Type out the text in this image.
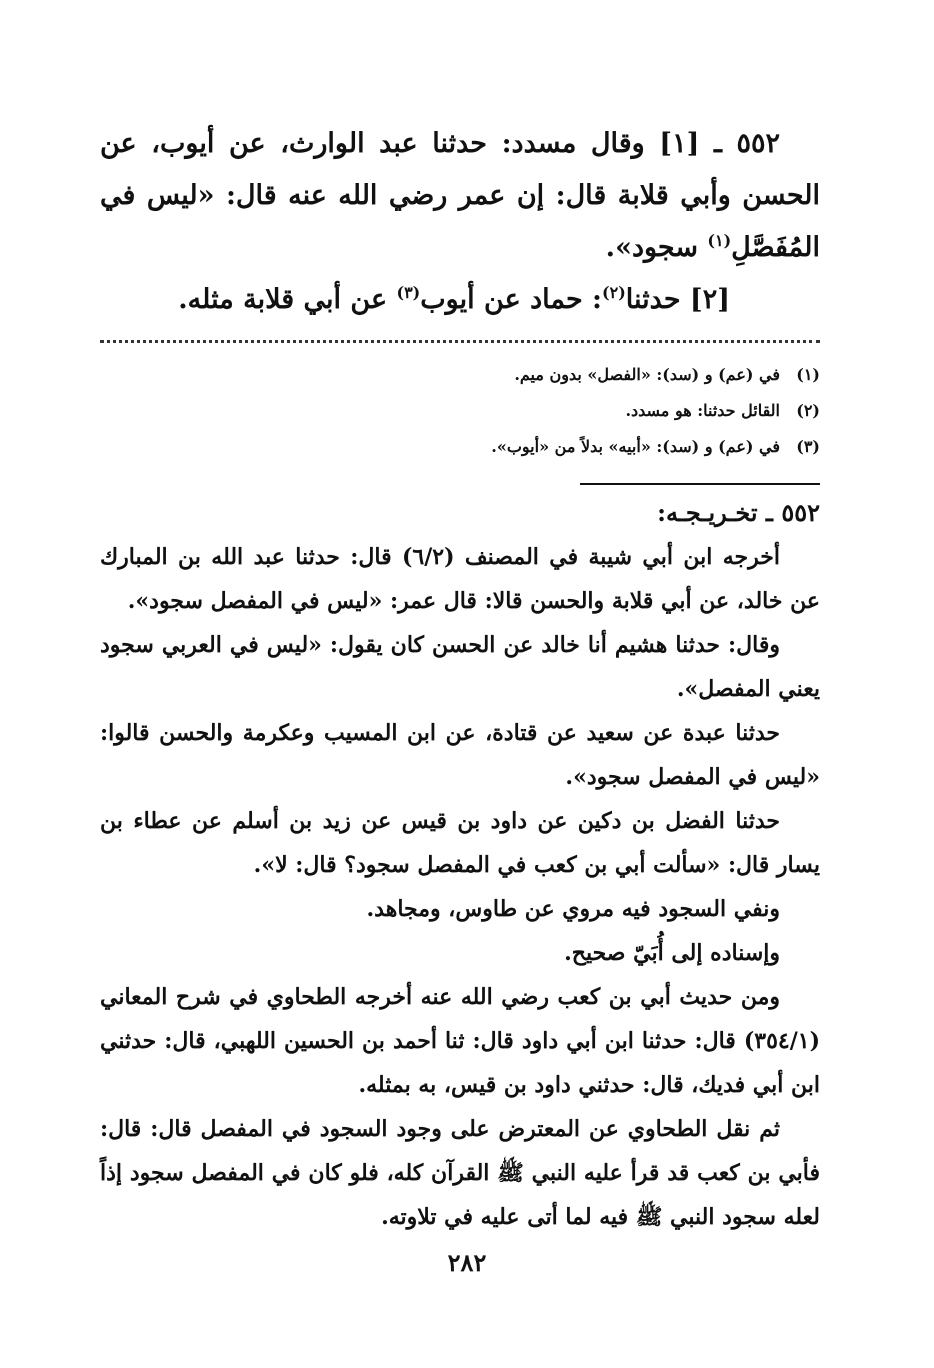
٥٥٢ ـ [١] وقال مسدد: حدثنا عبد الوارث، عن أيوب، عن الحسن وأبي قلابة قال: إن عمر رضي الله عنه قال: «ليس في المُفَصَّلِ$^{(١)}$ سجود».

[٢] حدثنا$^{(٢)}$: حماد عن أيوب$^{(٣)}$ عن أبي قلابة مثله.

(١)في (عم) و (سد): «الفصل» بدون ميم.

(٢)القائل حدثنا: هو مسدد.

(٣)في (عم) و (سد): «أبيه» بدلاً من «أيوب».

٥٥٢ ـ تخـريـجـه:

أخرجه ابن أبي شيبة في المصنف (٦/٢) قال: حدثنا عبد الله بن المبارك عن خالد، عن أبي قلابة والحسن قالا: قال عمر: «ليس في المفصل سجود».

وقال: حدثنا هشيم أنا خالد عن الحسن كان يقول: «ليس في العربي سجود يعني المفصل».

حدثنا عبدة عن سعيد عن قتادة، عن ابن المسيب وعكرمة والحسن قالوا: «ليس في المفصل سجود».

حدثنا الفضل بن دكين عن داود بن قيس عن زيد بن أسلم عن عطاء بن يسار قال: «سألت أبي بن كعب في المفصل سجود؟ قال: لا».

ونفي السجود فيه مروي عن طاوس، ومجاهد.

وإسناده إلى أُبَيّ صحيح.

ومن حديث أبي بن كعب رضي الله عنه أخرجه الطحاوي في شرح المعاني (٣٥٤/١) قال: حدثنا ابن أبي داود قال: ثنا أحمد بن الحسين اللهبي، قال: حدثني ابن أبي فديك، قال: حدثني داود بن قيس، به بمثله.

ثم نقل الطحاوي عن المعترض على وجود السجود في المفصل قال: قال: فأبي بن كعب قد قرأ عليه النبي ﷺ القرآن كله، فلو كان في المفصل سجود إذاً لعله سجود النبي ﷺ فيه لما أتى عليه في تلاوته.

٢٨٢
